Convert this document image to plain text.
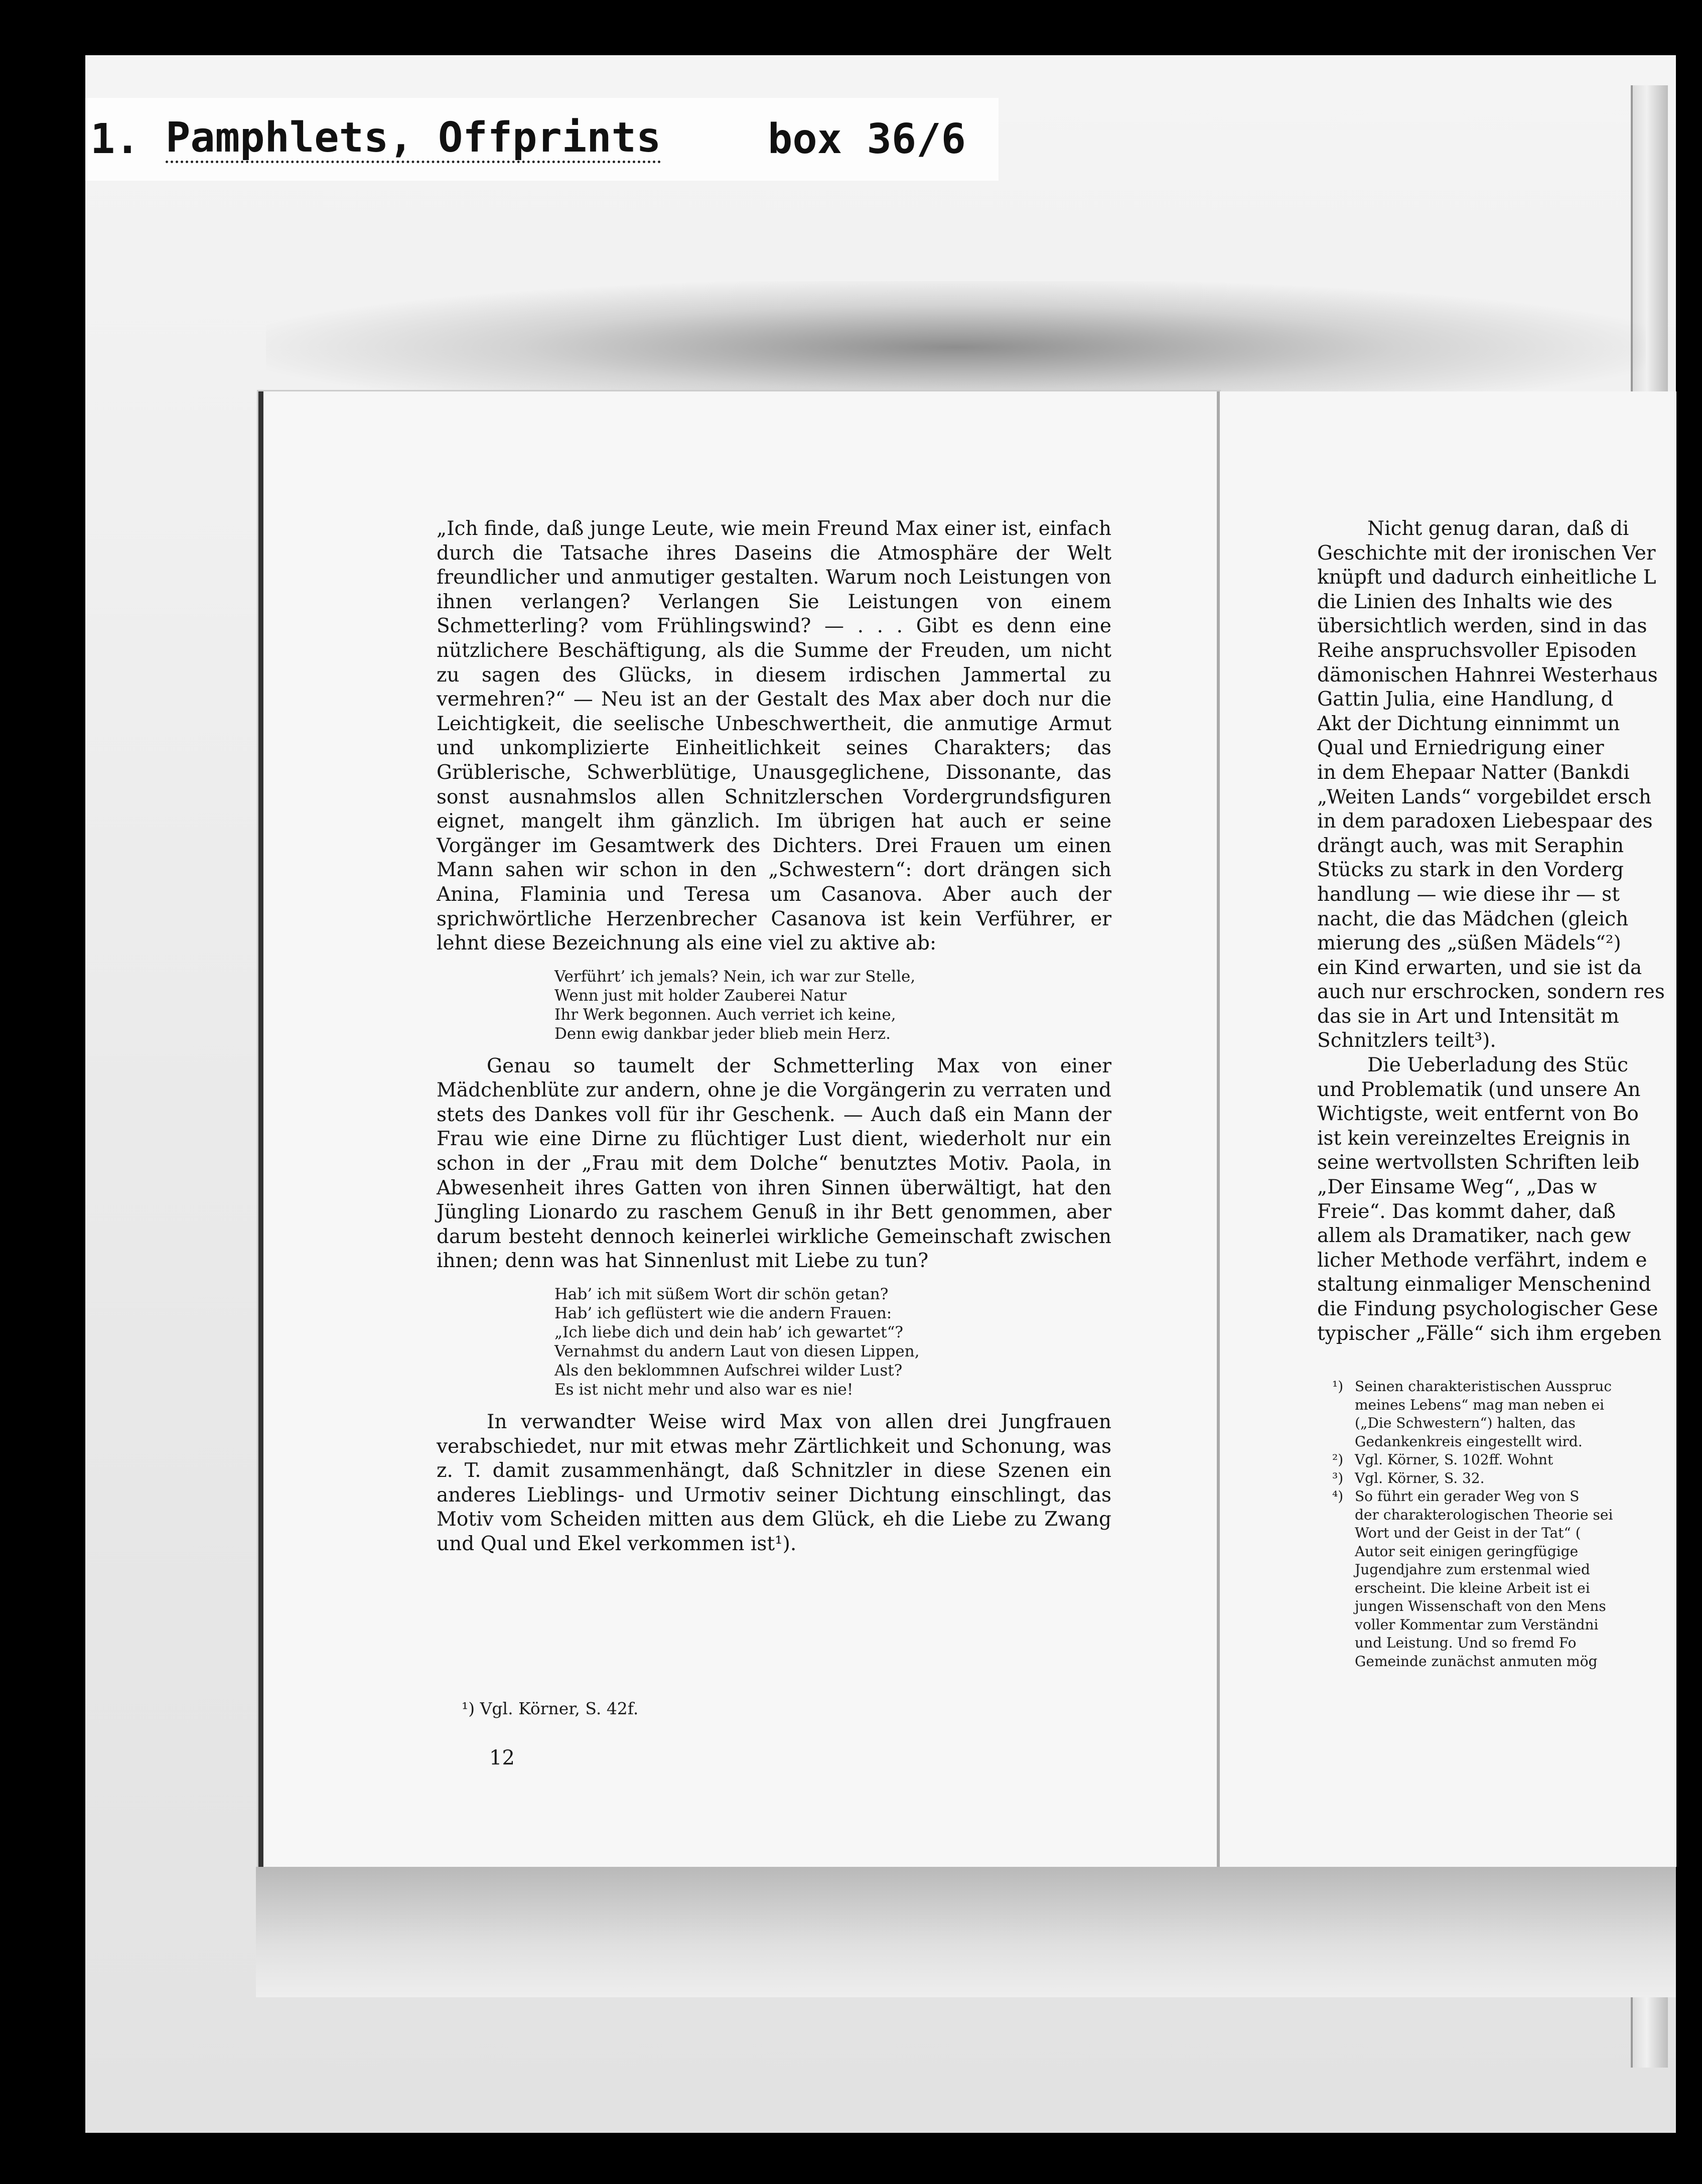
1. Pamphlets, Offprints	box 36/6

„Ich finde, daß junge Leute, wie mein Freund Max einer ist, einfach durch die Tatsache ihres Daseins die Atmosphäre der Welt freundlicher und anmutiger gestalten. Warum noch Leistungen von ihnen verlangen? Verlangen Sie Leistungen von einem Schmetterling? vom Frühlingswind? — . . . Gibt es denn eine nützlichere Beschäftigung, als die Summe der Freuden, um nicht zu sagen des Glücks, in diesem irdischen Jammertal zu vermehren?“ — Neu ist an der Gestalt des Max aber doch nur die Leichtigkeit, die seelische Unbeschwertheit, die anmutige Armut und unkomplizierte Einheitlichkeit seines Charakters; das Grüblerische, Schwerblütige, Unausgeglichene, Dissonante, das sonst ausnahmslos allen Schnitzlerschen Vordergrundsfiguren eignet, mangelt ihm gänzlich. Im übrigen hat auch er seine Vorgänger im Gesamtwerk des Dichters. Drei Frauen um einen Mann sahen wir schon in den „Schwestern“: dort drängen sich Anina, Flaminia und Teresa um Casanova. Aber auch der sprichwörtliche Herzenbrecher Casanova ist kein Verführer, er lehnt diese Bezeichnung als eine viel zu aktive ab:

Verführt’ ich jemals? Nein, ich war zur Stelle,
Wenn just mit holder Zauberei Natur
Ihr Werk begonnen. Auch verriet ich keine,
Denn ewig dankbar jeder blieb mein Herz.

Genau so taumelt der Schmetterling Max von einer Mädchenblüte zur andern, ohne je die Vorgängerin zu verraten und stets des Dankes voll für ihr Geschenk. — Auch daß ein Mann der Frau wie eine Dirne zu flüchtiger Lust dient, wiederholt nur ein schon in der „Frau mit dem Dolche“ benutztes Motiv. Paola, in Abwesenheit ihres Gatten von ihren Sinnen überwältigt, hat den Jüngling Lionardo zu raschem Genuß in ihr Bett genommen, aber darum besteht dennoch keinerlei wirkliche Gemeinschaft zwischen ihnen; denn was hat Sinnenlust mit Liebe zu tun?

Hab’ ich mit süßem Wort dir schön getan?
Hab’ ich geflüstert wie die andern Frauen:
„Ich liebe dich und dein hab’ ich gewartet“?
Vernahmst du andern Laut von diesen Lippen,
Als den beklommnen Aufschrei wilder Lust?
Es ist nicht mehr und also war es nie!

In verwandter Weise wird Max von allen drei Jungfrauen verabschiedet, nur mit etwas mehr Zärtlichkeit und Schonung, was z. T. damit zusammenhängt, daß Schnitzler in diese Szenen ein anderes Lieblings- und Urmotiv seiner Dichtung einschlingt, das Motiv vom Scheiden mitten aus dem Glück, eh die Liebe zu Zwang und Qual und Ekel verkommen ist¹).

¹) Vgl. Körner, S. 42f.
12
Nicht genug daran, daß di
Geschichte mit der ironischen Ver
knüpft und dadurch einheitliche L
die Linien des Inhalts wie des
übersichtlich werden, sind in das
Reihe anspruchsvoller Episoden
dämonischen Hahnrei Westerhaus
Gattin Julia, eine Handlung, d
Akt der Dichtung einnimmt un
Qual und Erniedrigung einer
in dem Ehepaar Natter (Bankdi
„Weiten Lands“ vorgebildet ersch
in dem paradoxen Liebespaar des
drängt auch, was mit Seraphin
Stücks zu stark in den Vorderg
handlung — wie diese ihr — st
nacht, die das Mädchen (gleich
mierung des „süßen Mädels“²)
ein Kind erwarten, und sie ist da
auch nur erschrocken, sondern res
das sie in Art und Intensität m
Schnitzlers teilt³).
Die Ueberladung des Stüc
und Problematik (und unsere An
Wichtigste, weit entfernt von Bo
ist kein vereinzeltes Ereignis in
seine wertvollsten Schriften leib
„Der Einsame Weg“, „Das w
Freie“. Das kommt daher, daß
allem als Dramatiker, nach gew
licher Methode verfährt, indem e
staltung einmaliger Menschenind
die Findung psychologischer Gese
typischer „Fälle“ sich ihm ergeben
¹) Seinen charakteristischen Ausspruc
meines Lebens“ mag man neben ei
(„Die Schwestern“) halten, das
Gedankenkreis eingestellt wird.
²) Vgl. Körner, S. 102ff. Wohnt
³) Vgl. Körner, S. 32.
⁴) So führt ein gerader Weg von S
der charakterologischen Theorie sei
Wort und der Geist in der Tat“ (
Autor seit einigen geringfügige
Jugendjahre zum erstenmal wied
erscheint. Die kleine Arbeit ist ei
jungen Wissenschaft von den Mens
voller Kommentar zum Verständni
und Leistung. Und so fremd Fo
Gemeinde zunächst anmuten mög
